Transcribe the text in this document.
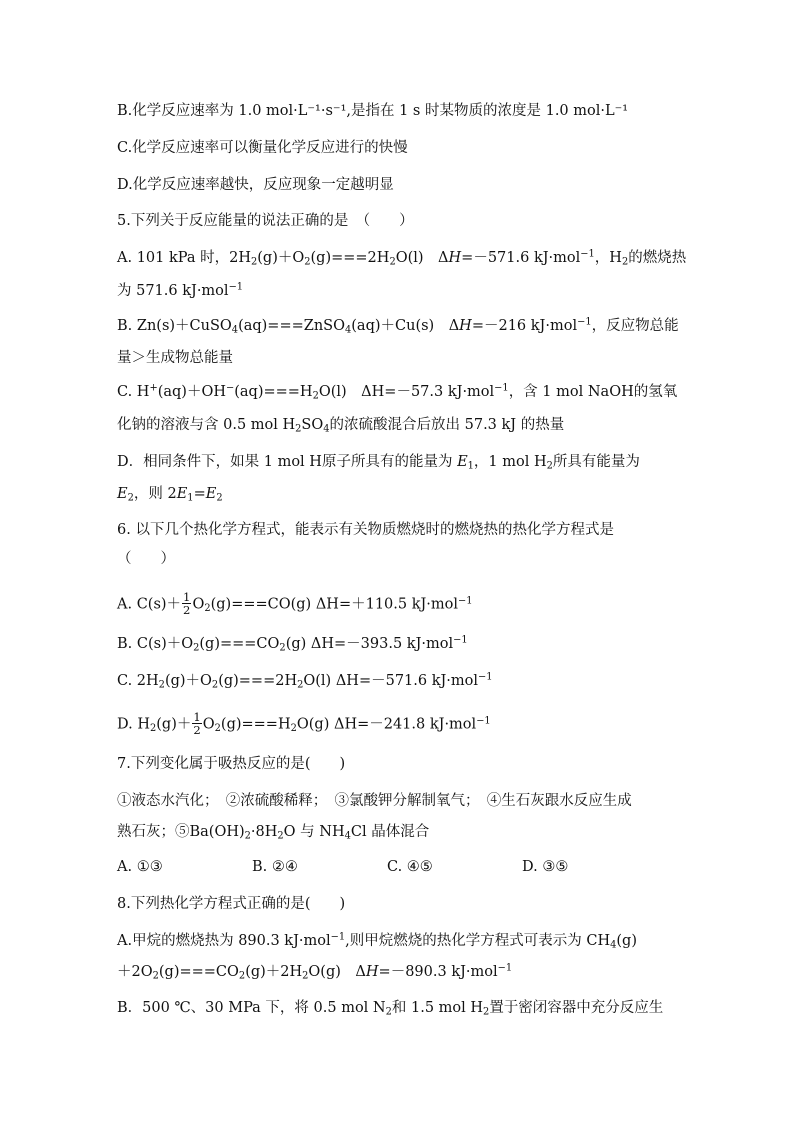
B.化学反应速率为 1.0 mol·L⁻¹·s⁻¹,是指在 1 s 时某物质的浓度是 1.0 mol·L⁻¹
C.化学反应速率可以衡量化学反应进行的快慢
D.化学反应速率越快，反应现象一定越明显
5.下列关于反应能量的说法正确的是　（　　）
A. 101 kPa 时，$2H_2(g)+O_2(g)===2H_2O(l)$　ΔH=－571.6 kJ·mol$^{-1}$，$H_2$的燃烧热
为 571.6 kJ·mol$^{-1}$
B. Zn(s)＋CuSO$_4$(aq)===ZnSO$_4$(aq)＋Cu(s)　ΔH=－216 kJ·mol$^{-1}$，反应物总能
量＞生成物总能量
C. $H^+(aq)+OH^-(aq)===H_2O(l)$　ΔH=－57.3 kJ·mol$^{-1}$，含 1 mol NaOH的氢氧
化钠的溶液与含 0.5 mol $H_2SO_4$的浓硫酸混合后放出 57.3 kJ 的热量
D．相同条件下，如果 1 mol H原子所具有的能量为 $E_1$，1 mol $H_2$所具有能量为
$E_2$，则 $2E_1=E_2$
6. 以下几个热化学方程式，能表示有关物质燃烧时的燃烧热的热化学方程式是
（　　）
A. $C(s)+ \frac{1}{2} O_2(g)===CO(g)$ ΔH=＋110.5 kJ·mol$^{-1}$
B. $C(s)+O_2(g)===CO_2(g)$ ΔH=－393.5 kJ·mol$^{-1}$
C. $2H_2(g)+O_2(g)===2H_2O(l)$ ΔH=－571.6 kJ·mol$^{-1}$
D. $H_2(g)+ \frac{1}{2} O_2(g)===H_2O(g)$ ΔH=－241.8 kJ·mol$^{-1}$
7.下列变化属于吸热反应的是(　　)
①液态水汽化；　②浓硫酸稀释；　③氯酸钾分解制氧气；　④生石灰跟水反应生成
熟石灰；$⑤Ba(OH)_2\cdot 8H_2O$ 与 $NH_4Cl$ 晶体混合
A. ①③	B. ②④	C. ④⑤	D. ③⑤
8.下列热化学方程式正确的是(　　)
A.甲烷的燃烧热为 890.3 kJ·mol$^{-1}$,则甲烷燃烧的热化学方程式可表示为 $CH_4(g)$
$+2O_2(g)===CO_2(g)+2H_2O(g)$　ΔH=－890.3 kJ·mol$^{-1}$
B．500 ℃、30 MPa 下，将 0.5 mol $N_2$和 1.5 mol $H_2$置于密闭容器中充分反应生
